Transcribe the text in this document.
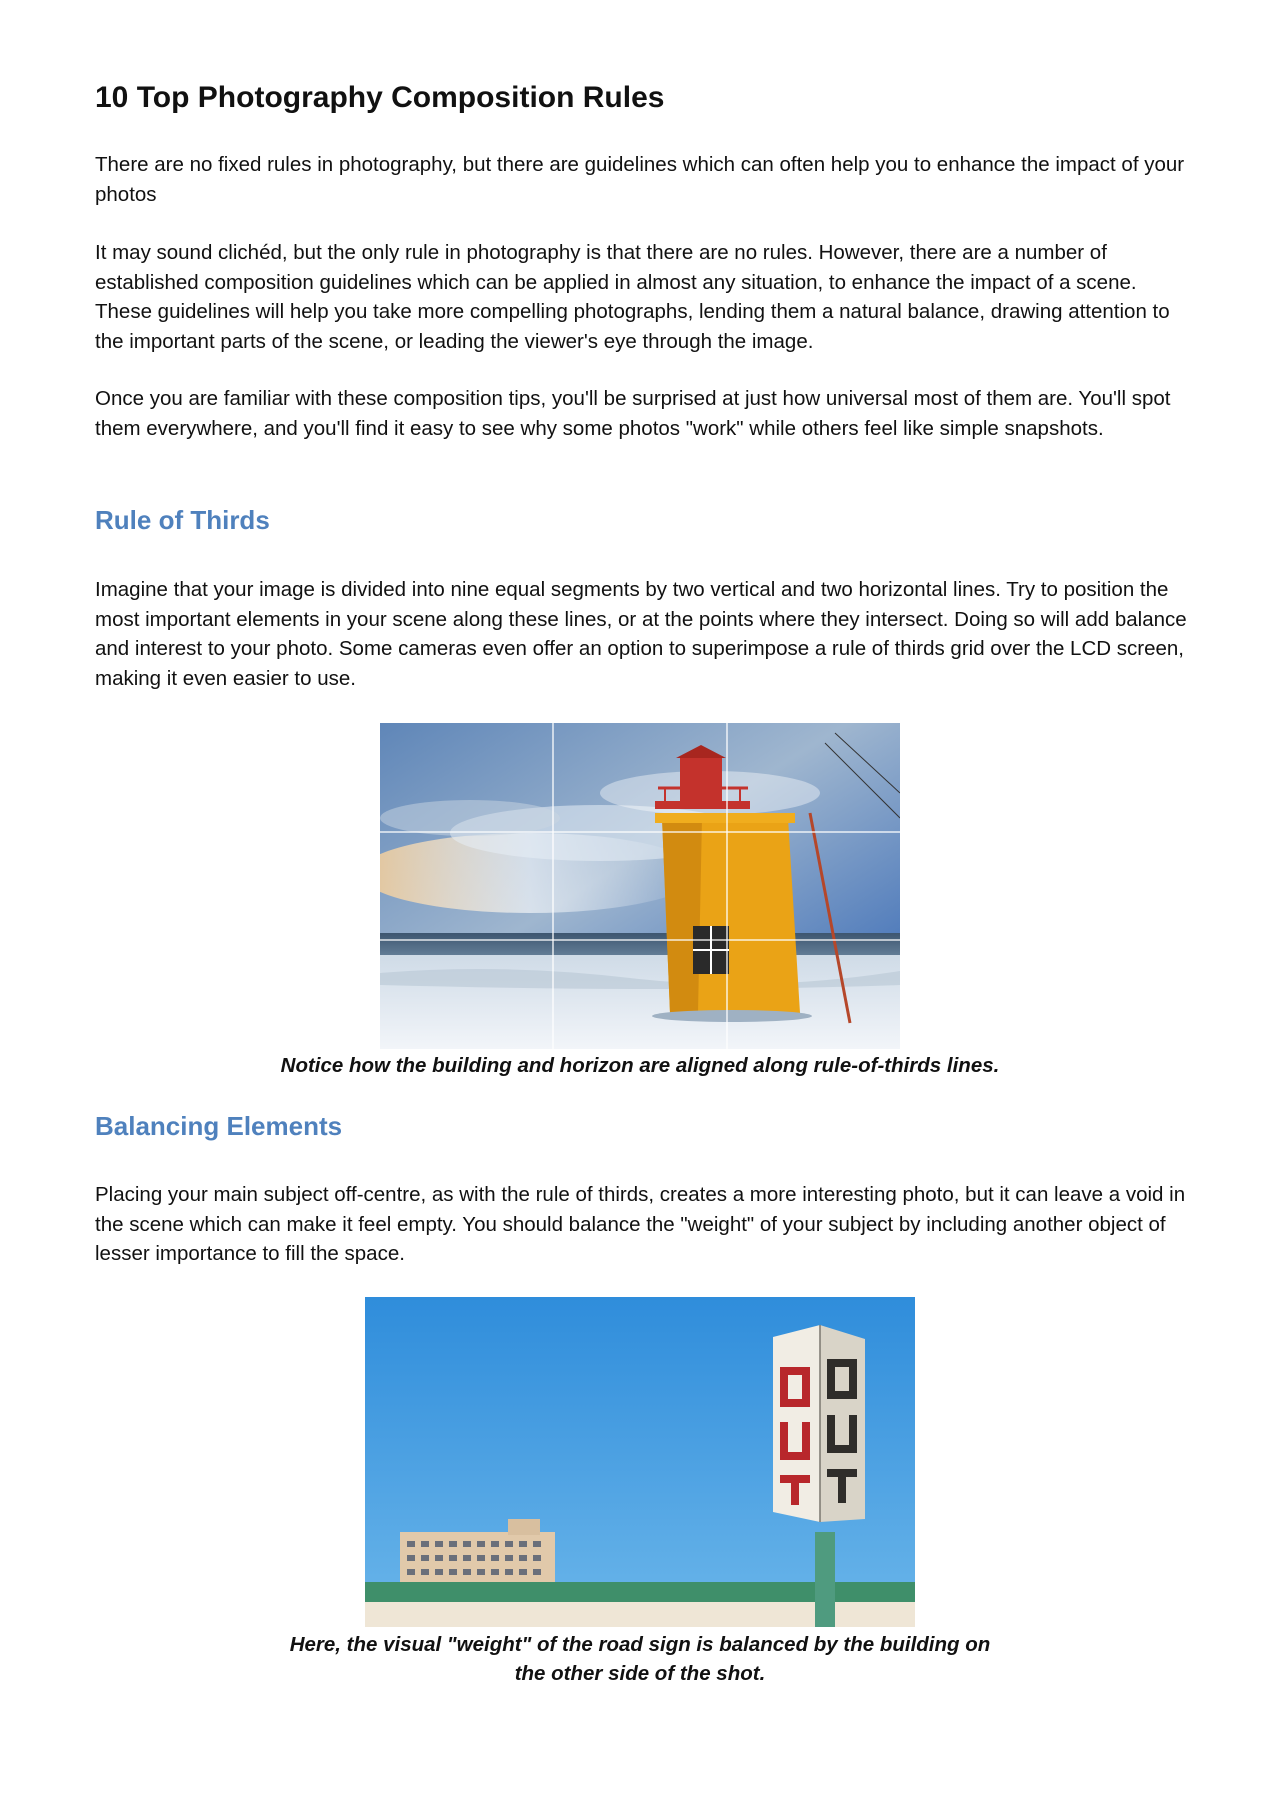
10 Top Photography Composition Rules

There are no fixed rules in photography, but there are guidelines which can often help you to enhance the impact of your photos

It may sound clichéd, but the only rule in photography is that there are no rules. However, there are a number of established composition guidelines which can be applied in almost any situation, to enhance the impact of a scene. These guidelines will help you take more compelling photographs, lending them a natural balance, drawing attention to the important parts of the scene, or leading the viewer's eye through the image.

Once you are familiar with these composition tips, you'll be surprised at just how universal most of them are. You'll spot them everywhere, and you'll find it easy to see why some photos "work" while others feel like simple snapshots.

Rule of Thirds

Imagine that your image is divided into nine equal segments by two vertical and two horizontal lines. Try to position the most important elements in your scene along these lines, or at the points where they intersect. Doing so will add balance and interest to your photo. Some cameras even offer an option to superimpose a rule of thirds grid over the LCD screen, making it even easier to use.

Notice how the building and horizon are aligned along rule-of-thirds lines.
Balancing Elements

Placing your main subject off-centre, as with the rule of thirds, creates a more interesting photo, but it can leave a void in the scene which can make it feel empty. You should balance the "weight" of your subject by including another object of lesser importance to fill the space.

Here, the visual "weight" of the road sign is balanced by the building on
the other side of the shot.
